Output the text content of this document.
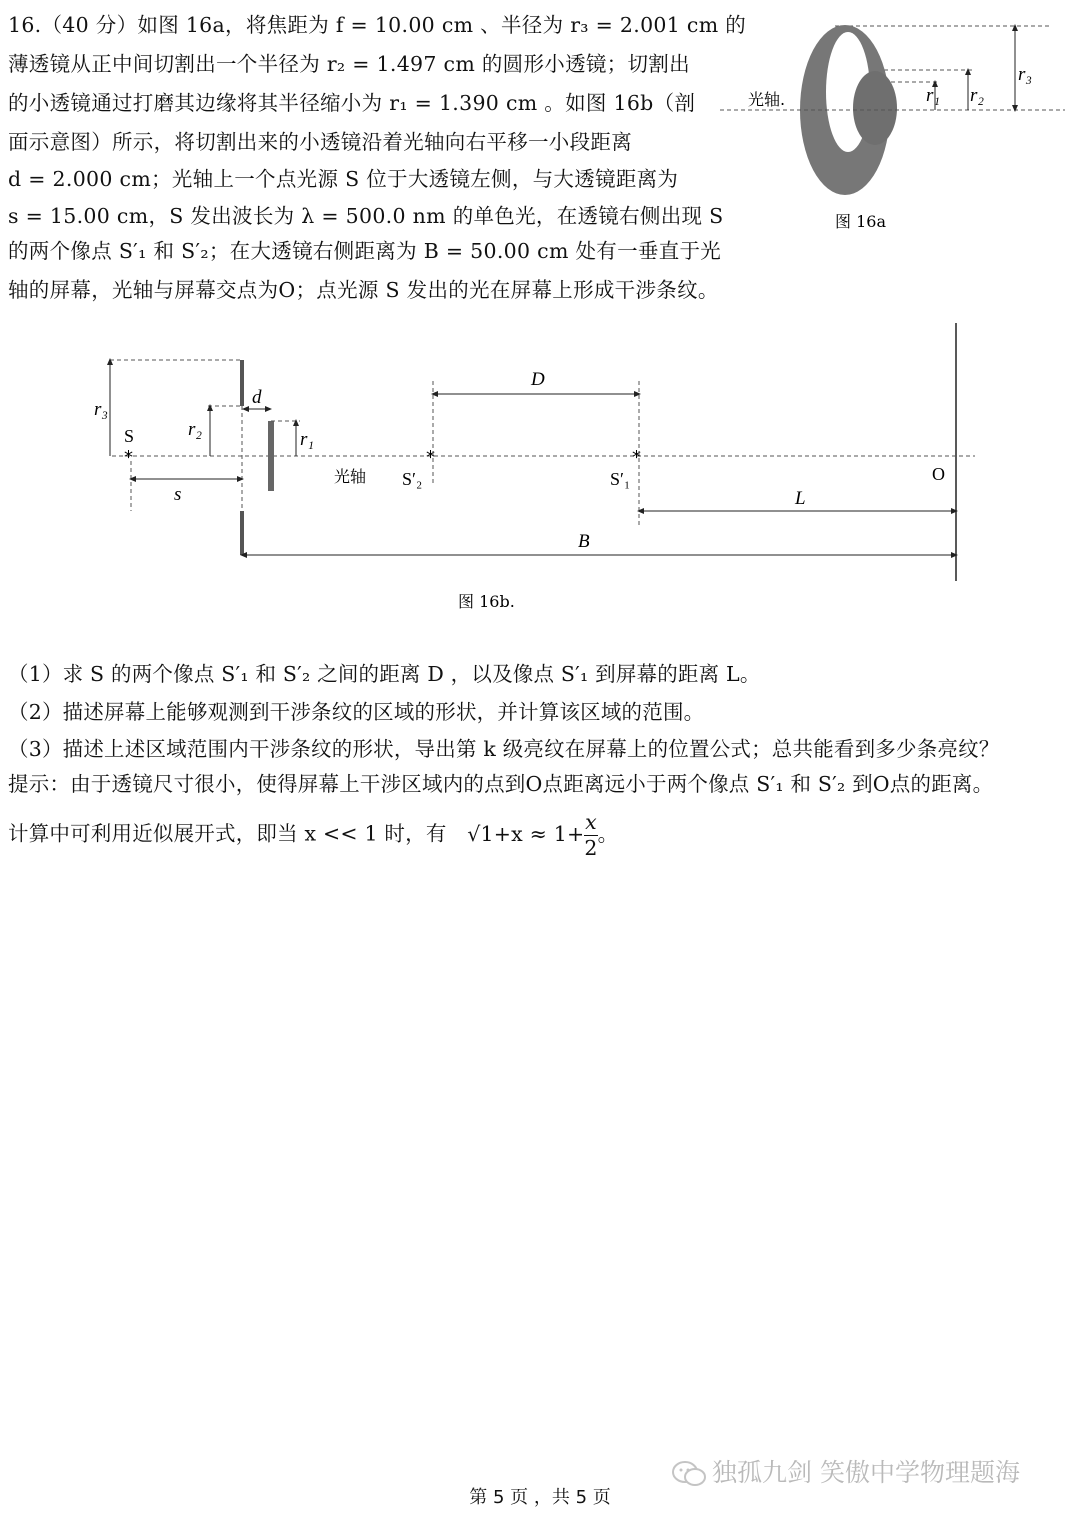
16.（40 分）如图 16a，将焦距为 f = 10.00 cm 、半径为 r₃ = 2.001 cm 的
薄透镜从正中间切割出一个半径为 r₂ = 1.497 cm 的圆形小透镜；切割出
的小透镜通过打磨其边缘将其半径缩小为 r₁ = 1.390 cm 。如图 16b（剖
面示意图）所示，将切割出来的小透镜沿着光轴向右平移一小段距离
d = 2.000 cm；光轴上一个点光源 S 位于大透镜左侧，与大透镜距离为
s = 15.00 cm，S 发出波长为 λ = 500.0 nm 的单色光，在透镜右侧出现 S
的两个像点 S′₁ 和 S′₂；在大透镜右侧距离为 B = 50.00 cm 处有一垂直于光
轴的屏幕，光轴与屏幕交点为O；点光源 S 发出的光在屏幕上形成干涉条纹。
光轴.	r₁ r₂
r₃
图 16a
r₃
r₂	r₁
d
S
*
s
光轴
*
S′₂
*
S′₁
D
O
L
B
图 16b.
（1）求 S 的两个像点 S′₁ 和 S′₂ 之间的距离 D ，以及像点 S′₁ 到屏幕的距离 L。
（2）描述屏幕上能够观测到干涉条纹的区域的形状，并计算该区域的范围。
（3）描述上述区域范围内干涉条纹的形状，导出第 k 级亮纹在屏幕上的位置公式；总共能看到多少条亮纹？
提示：由于透镜尺寸很小，使得屏幕上干涉区域内的点到O点距离远小于两个像点 S′₁ 和 S′₂ 到O点的距离。
计算中可利用近似展开式，即当 x << 1 时，有 $√1+x \approx 1+ \frac{x}{2}$ 。
独孤九剑 笑傲中学物理题海
第 5 页 ，共 5 页
